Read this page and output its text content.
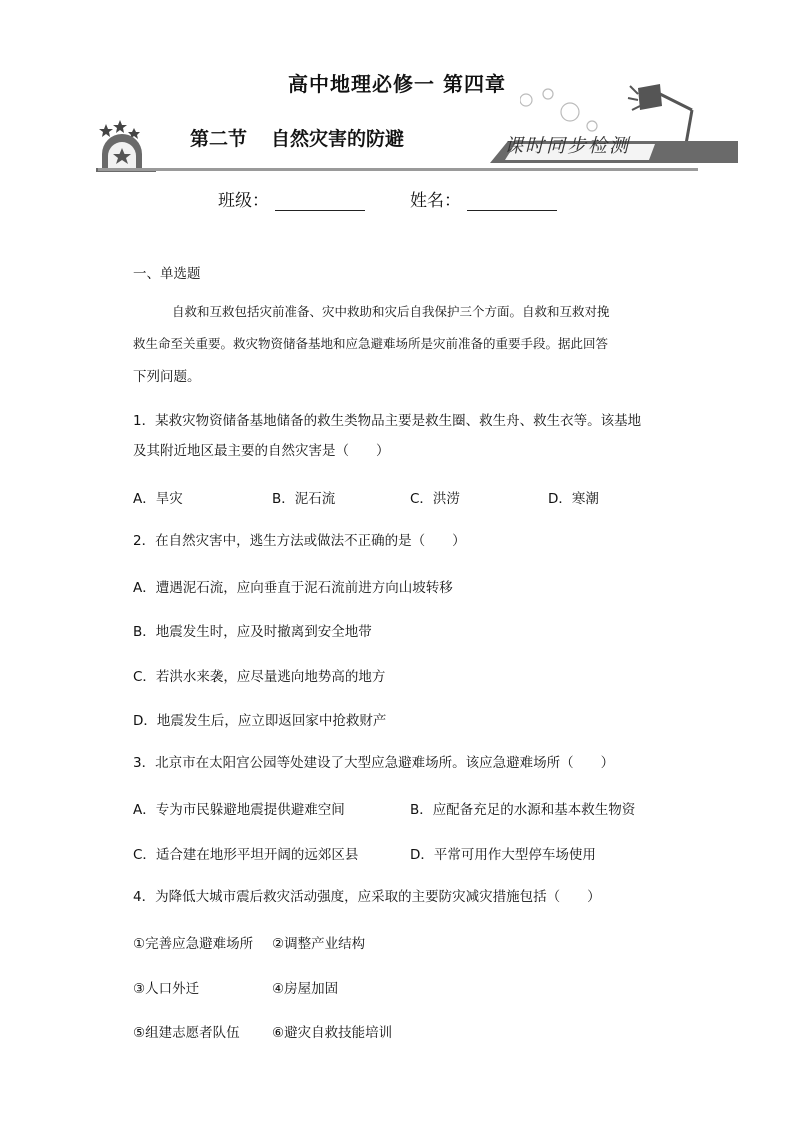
高中地理必修一 第四章
第二节 自然灾害的防避	课时同步检测
班级：	姓名：
一、单选题
自救和互救包括灾前准备、灾中救助和灾后自我保护三个方面。自救和互救对挽
救生命至关重要。救灾物资储备基地和应急避难场所是灾前准备的重要手段。据此回答
下列问题。
1．某救灾物资储备基地储备的救生类物品主要是救生圈、救生舟、救生衣等。该基地
及其附近地区最主要的自然灾害是（　　）
A．旱灾	B．泥石流	C．洪涝	D．寒潮
2．在自然灾害中，逃生方法或做法不正确的是（　　）
A．遭遇泥石流，应向垂直于泥石流前进方向山坡转移
B．地震发生时，应及时撤离到安全地带
C．若洪水来袭，应尽量逃向地势高的地方
D．地震发生后，应立即返回家中抢救财产
3．北京市在太阳宫公园等处建设了大型应急避难场所。该应急避难场所（　　）
A．专为市民躲避地震提供避难空间	B．应配备充足的水源和基本救生物资
C．适合建在地形平坦开阔的远郊区县	D．平常可用作大型停车场使用
4．为降低大城市震后救灾活动强度，应采取的主要防灾减灾措施包括（　　）
①完善应急避难场所 ②调整产业结构
③人口外迁	④房屋加固
⑤组建志愿者队伍 ⑥避灾自救技能培训
